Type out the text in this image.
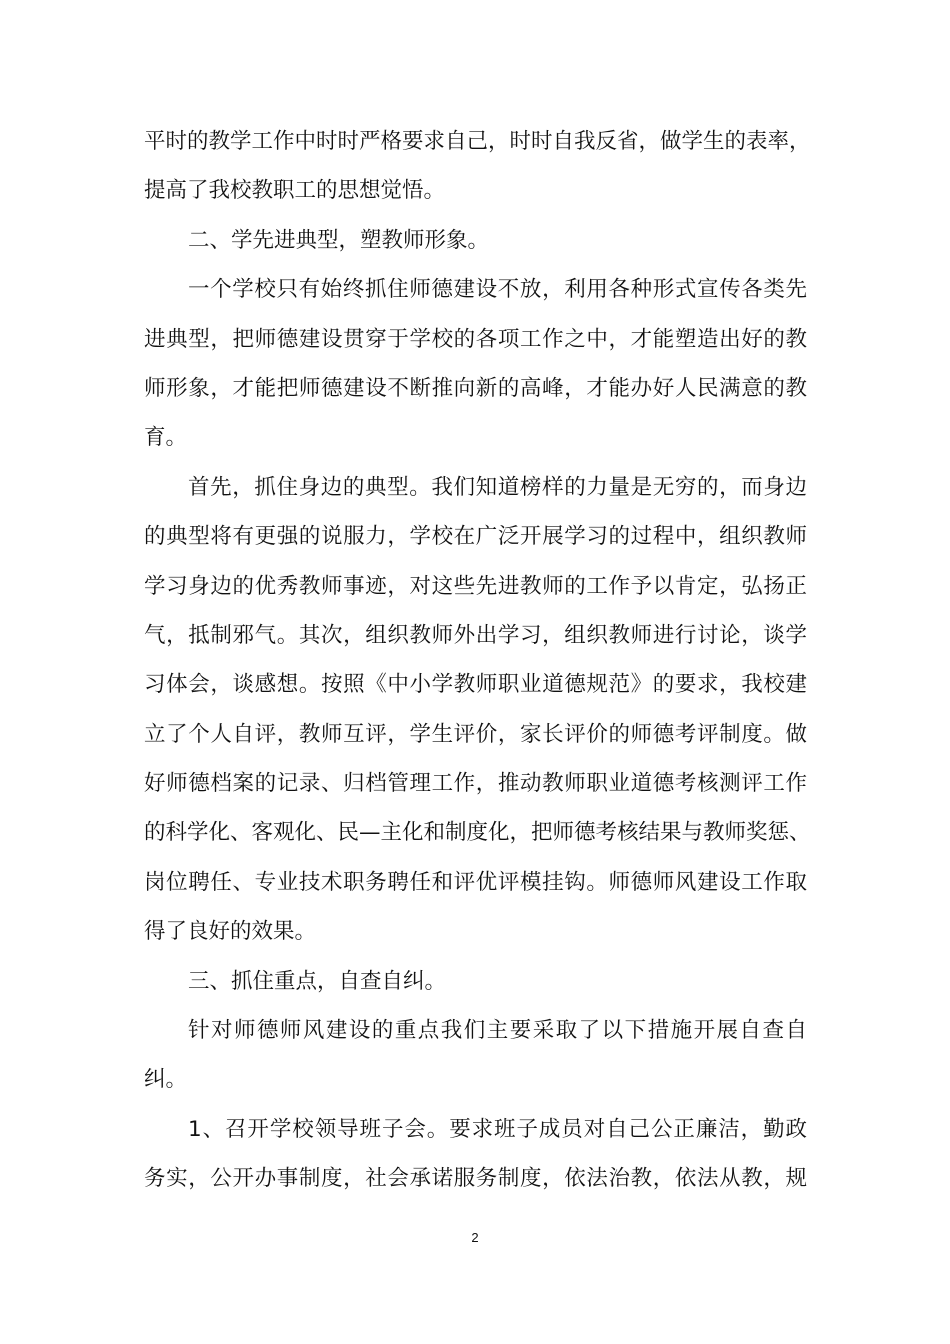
平时的教学工作中时时严格要求自己，时时自我反省，做学生的表率，
提高了我校教职工的思想觉悟。
二、学先进典型，塑教师形象。
一个学校只有始终抓住师德建设不放，利用各种形式宣传各类先
进典型，把师德建设贯穿于学校的各项工作之中，才能塑造出好的教
师形象，才能把师德建设不断推向新的高峰，才能办好人民满意的教
育。
首先，抓住身边的典型。我们知道榜样的力量是无穷的，而身边
的典型将有更强的说服力，学校在广泛开展学习的过程中，组织教师
学习身边的优秀教师事迹，对这些先进教师的工作予以肯定，弘扬正
气，抵制邪气。其次，组织教师外出学习，组织教师进行讨论，谈学
习体会，谈感想。按照《中小学教师职业道德规范》的要求，我校建
立了个人自评，教师互评，学生评价，家长评价的师德考评制度。做
好师德档案的记录、归档管理工作，推动教师职业道德考核测评工作
的科学化、客观化、民—主化和制度化，把师德考核结果与教师奖惩、
岗位聘任、专业技术职务聘任和评优评模挂钩。师德师风建设工作取
得了良好的效果。
三、抓住重点，自查自纠。
针对师德师风建设的重点我们主要采取了以下措施开展自查自
纠。
1、召开学校领导班子会。要求班子成员对自己公正廉洁，勤政
务实，公开办事制度，社会承诺服务制度，依法治教，依法从教，规
2
